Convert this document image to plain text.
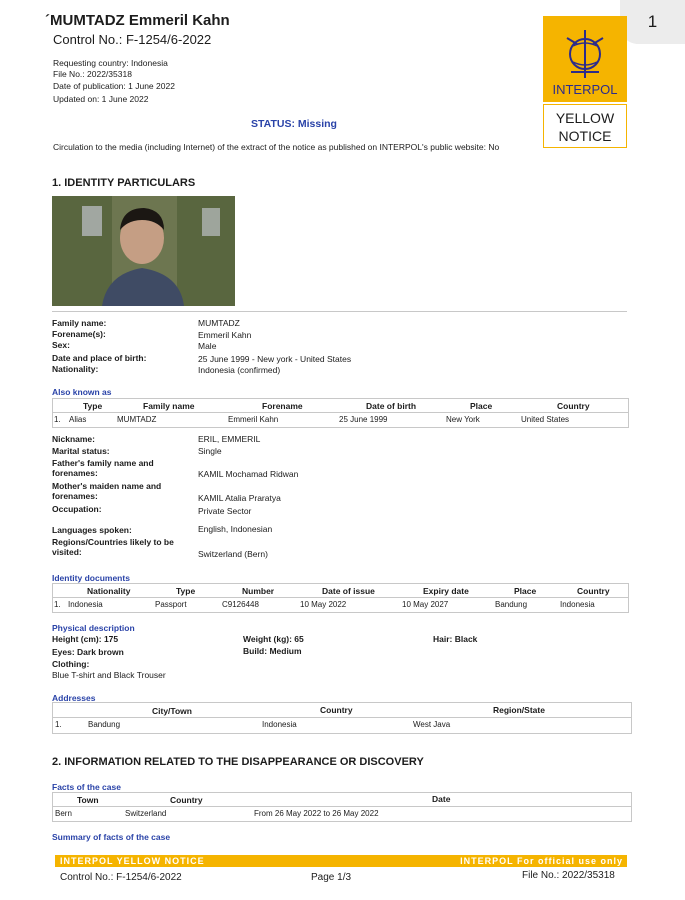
1
´MUMTADZ Emmeril Kahn
Control No.: F-1254/6-2022
Requesting country: Indonesia
File No.: 2022/35318
Date of publication: 1 June 2022
Updated on: 1 June 2022
STATUS: Missing
Circulation to the media (including Internet) of the extract of the notice as published on INTERPOL's public website: No
INTERPOL
YELLOW
NOTICE
1. IDENTITY PARTICULARS
Family name:	MUMTADZ
Forename(s):	Emmeril Kahn
Sex:	Male
Date and place of birth:	25 June 1999 - New york - United States
Nationality:	Indonesia (confirmed)
Also known as
Type	Family name	Forename	Date of birth	Place	Country
1. Alias	MUMTADZ	Emmeril Kahn	25 June 1999	New York	United States
Nickname:	ERIL, EMMERIL
Marital status:	Single
Father's family name and forenames:	KAMIL Mochamad Ridwan
Mother's maiden name and forenames:	KAMIL Atalia Praratya
Occupation:	Private Sector
Languages spoken:	English, Indonesian
Regions/Countries likely to be visited:	Switzerland (Bern)
Identity documents
Nationality	Type	Number	Date of issue	Expiry date	Place	Country
1. Indonesia	Passport	C9126448	10 May 2022	10 May 2027	Bandung	Indonesia
Physical description
Height (cm): 175	Weight (kg): 65	Hair: Black
Eyes: Dark brown	Build: Medium
Clothing:
Blue T-shirt and Black Trouser
Addresses
City/Town	Country	Region/State
1.	Bandung	Indonesia	West Java
2. INFORMATION RELATED TO THE DISAPPEARANCE OR DISCOVERY
Facts of the case
Town	Country	Date
Bern	Switzerland	From 26 May 2022 to 26 May 2022
Summary of facts of the case
INTERPOL YELLOW NOTICE	INTERPOL For official use only
Control No.: F-1254/6-2022	Page 1/3	File No.: 2022/35318
